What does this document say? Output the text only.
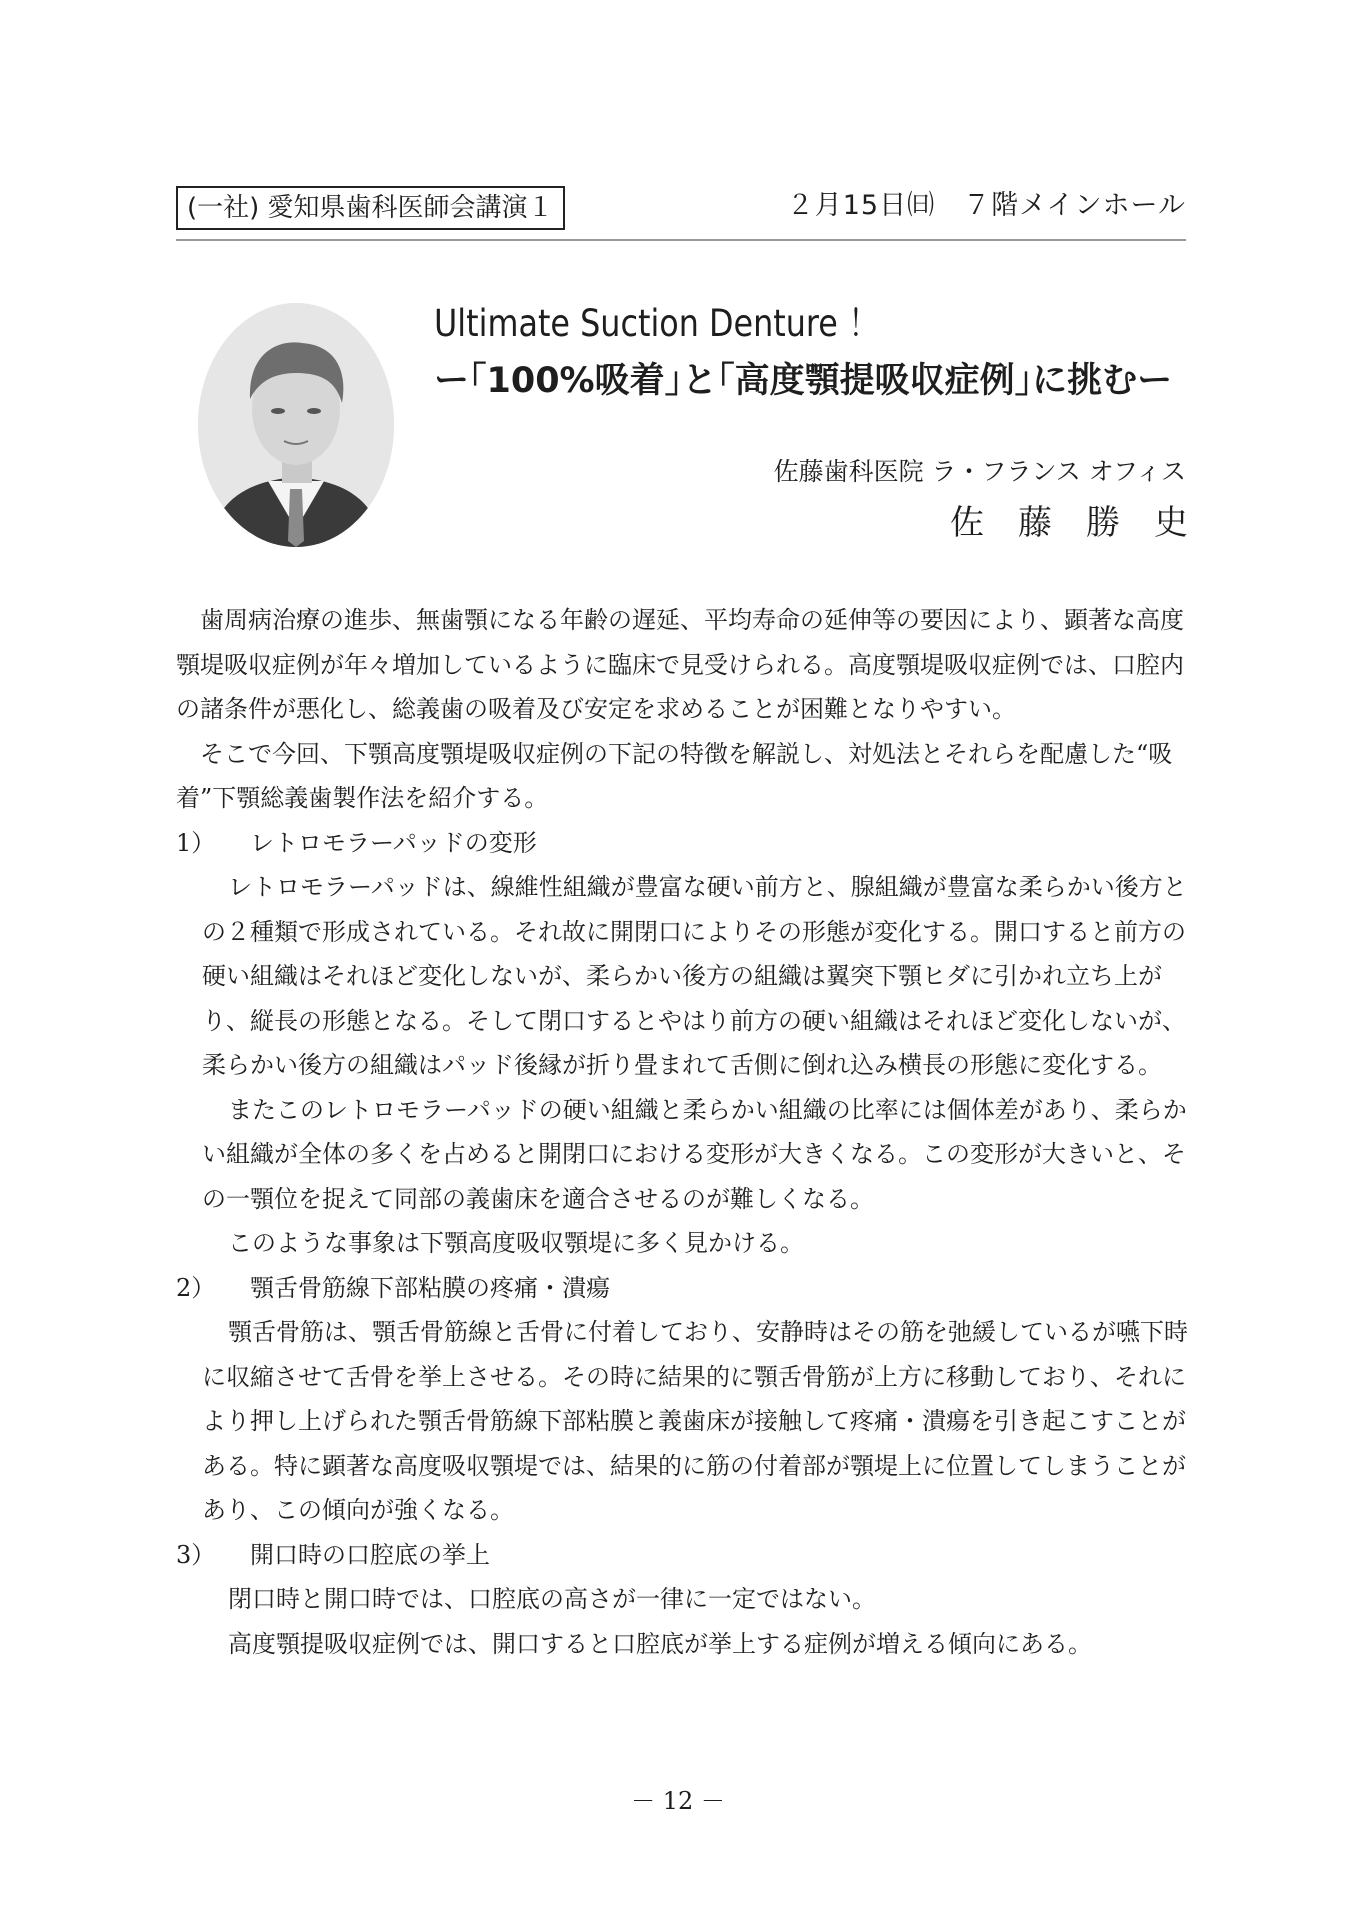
(一社) 愛知県歯科医師会講演１	２月15日㈰　７階メインホール
Ultimate Suction Denture ！
ー｢100%吸着｣と｢高度顎提吸収症例｣に挑むー
佐藤歯科医院 ラ・フランス オフィス
佐藤勝史

歯周病治療の進歩、無歯顎になる年齢の遅延、平均寿命の延伸等の要因により、顕著な高度顎堤吸収症例が年々増加しているように臨床で見受けられる。高度顎堤吸収症例では、口腔内の諸条件が悪化し、総義歯の吸着及び安定を求めることが困難となりやすい。

そこで今回、下顎高度顎堤吸収症例の下記の特徴を解説し、対処法とそれらを配慮した“吸着”下顎総義歯製作法を紹介する。

1） レトロモラーパッドの変形

レトロモラーパッドは、線維性組織が豊富な硬い前方と、腺組織が豊富な柔らかい後方との２種類で形成されている。それ故に開閉口によりその形態が変化する。開口すると前方の硬い組織はそれほど変化しないが、柔らかい後方の組織は翼突下顎ヒダに引かれ立ち上がり、縦長の形態となる。そして閉口するとやはり前方の硬い組織はそれほど変化しないが、柔らかい後方の組織はパッド後縁が折り畳まれて舌側に倒れ込み横長の形態に変化する。

またこのレトロモラーパッドの硬い組織と柔らかい組織の比率には個体差があり、柔らかい組織が全体の多くを占めると開閉口における変形が大きくなる。この変形が大きいと、その一顎位を捉えて同部の義歯床を適合させるのが難しくなる。

このような事象は下顎高度吸収顎堤に多く見かける。

2） 顎舌骨筋線下部粘膜の疼痛・潰瘍

顎舌骨筋は、顎舌骨筋線と舌骨に付着しており、安静時はその筋を弛緩しているが嚥下時に収縮させて舌骨を挙上させる。その時に結果的に顎舌骨筋が上方に移動しており、それにより押し上げられた顎舌骨筋線下部粘膜と義歯床が接触して疼痛・潰瘍を引き起こすことがある。特に顕著な高度吸収顎堤では、結果的に筋の付着部が顎堤上に位置してしまうことがあり、この傾向が強くなる。

3） 開口時の口腔底の挙上

閉口時と開口時では、口腔底の高さが一律に一定ではない。

高度顎提吸収症例では、開口すると口腔底が挙上する症例が増える傾向にある。

－ 12 －
